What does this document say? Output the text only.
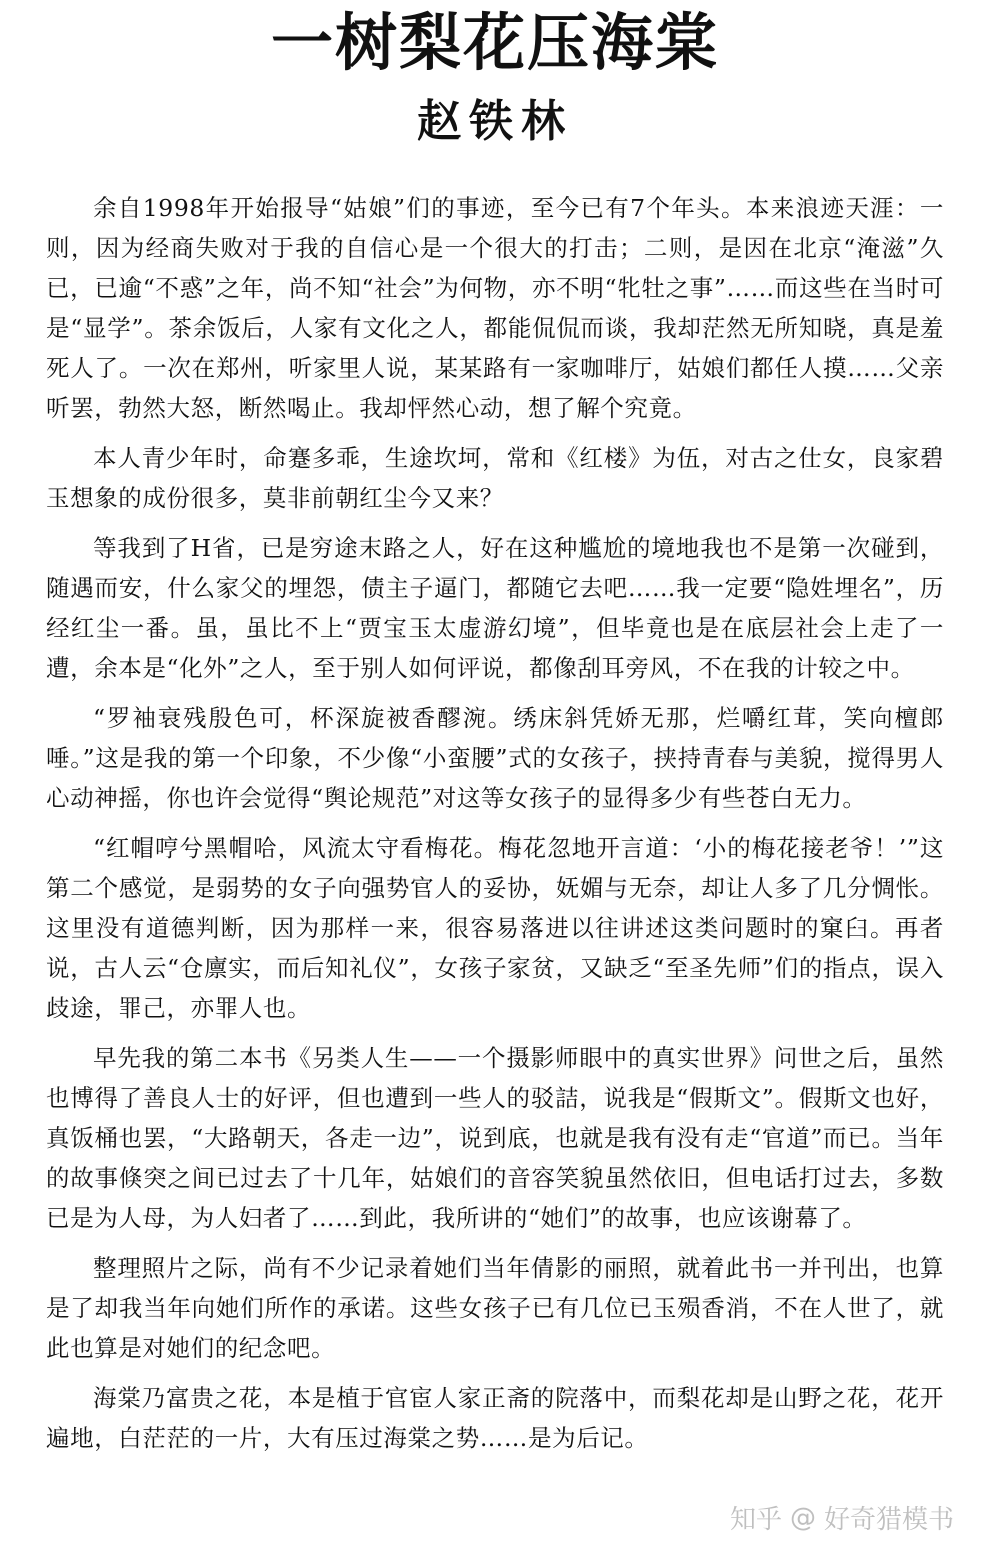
一树梨花压海棠
赵铁林

余自1998年开始报导“姑娘”们的事迹，至今已有7个年头。本来浪迹天涯：一则，因为经商失败对于我的自信心是一个很大的打击；二则，是因在北京“淹滋”久已，已逾“不惑”之年，尚不知“社会”为何物，亦不明“牝牡之事”……而这些在当时可是“显学”。茶余饭后，人家有文化之人，都能侃侃而谈，我却茫然无所知晓，真是羞死人了。一次在郑州，听家里人说，某某路有一家咖啡厅，姑娘们都任人摸……父亲听罢，勃然大怒，断然喝止。我却怦然心动，想了解个究竟。

本人青少年时，命蹇多乖，生途坎坷，常和《红楼》为伍，对古之仕女，良家碧玉想象的成份很多，莫非前朝红尘今又来？

等我到了H省，已是穷途末路之人，好在这种尴尬的境地我也不是第一次碰到，随遇而安，什么家父的埋怨，债主子逼门，都随它去吧……我一定要“隐姓埋名”，历经红尘一番。虽，虽比不上“贾宝玉太虚游幻境”，但毕竟也是在底层社会上走了一遭，余本是“化外”之人，至于别人如何评说，都像刮耳旁风，不在我的计较之中。

“罗袖衰残殷色可，杯深旋被香醪涴。绣床斜凭娇无那，烂嚼红茸，笑向檀郎唾。”这是我的第一个印象，不少像“小蛮腰”式的女孩子，挟持青春与美貌，搅得男人心动神摇，你也许会觉得“舆论规范”对这等女孩子的显得多少有些苍白无力。

“红帽哼兮黑帽哈，风流太守看梅花。梅花忽地开言道：‘小的梅花接老爷！’”这第二个感觉，是弱势的女子向强势官人的妥协，妩媚与无奈，却让人多了几分惆怅。这里没有道德判断，因为那样一来，很容易落进以往讲述这类问题时的窠臼。再者说，古人云“仓廪实，而后知礼仪”，女孩子家贫，又缺乏“至圣先师”们的指点，误入歧途，罪己，亦罪人也。

早先我的第二本书《另类人生——一个摄影师眼中的真实世界》问世之后，虽然也博得了善良人士的好评，但也遭到一些人的驳詰，说我是“假斯文”。假斯文也好，真饭桶也罢，“大路朝天，各走一边”，说到底，也就是我有没有走“官道”而已。当年的故事倏突之间已过去了十几年，姑娘们的音容笑貌虽然依旧，但电话打过去，多数已是为人母，为人妇者了……到此，我所讲的“她们”的故事，也应该谢幕了。

整理照片之际，尚有不少记录着她们当年倩影的丽照，就着此书一并刊出，也算是了却我当年向她们所作的承诺。这些女孩子已有几位已玉殒香消，不在人世了，就此也算是对她们的纪念吧。

海棠乃富贵之花，本是植于官宦人家正斋的院落中，而梨花却是山野之花，花开遍地，白茫茫的一片，大有压过海棠之势……是为后记。

知乎 @ 好奇猎模书
